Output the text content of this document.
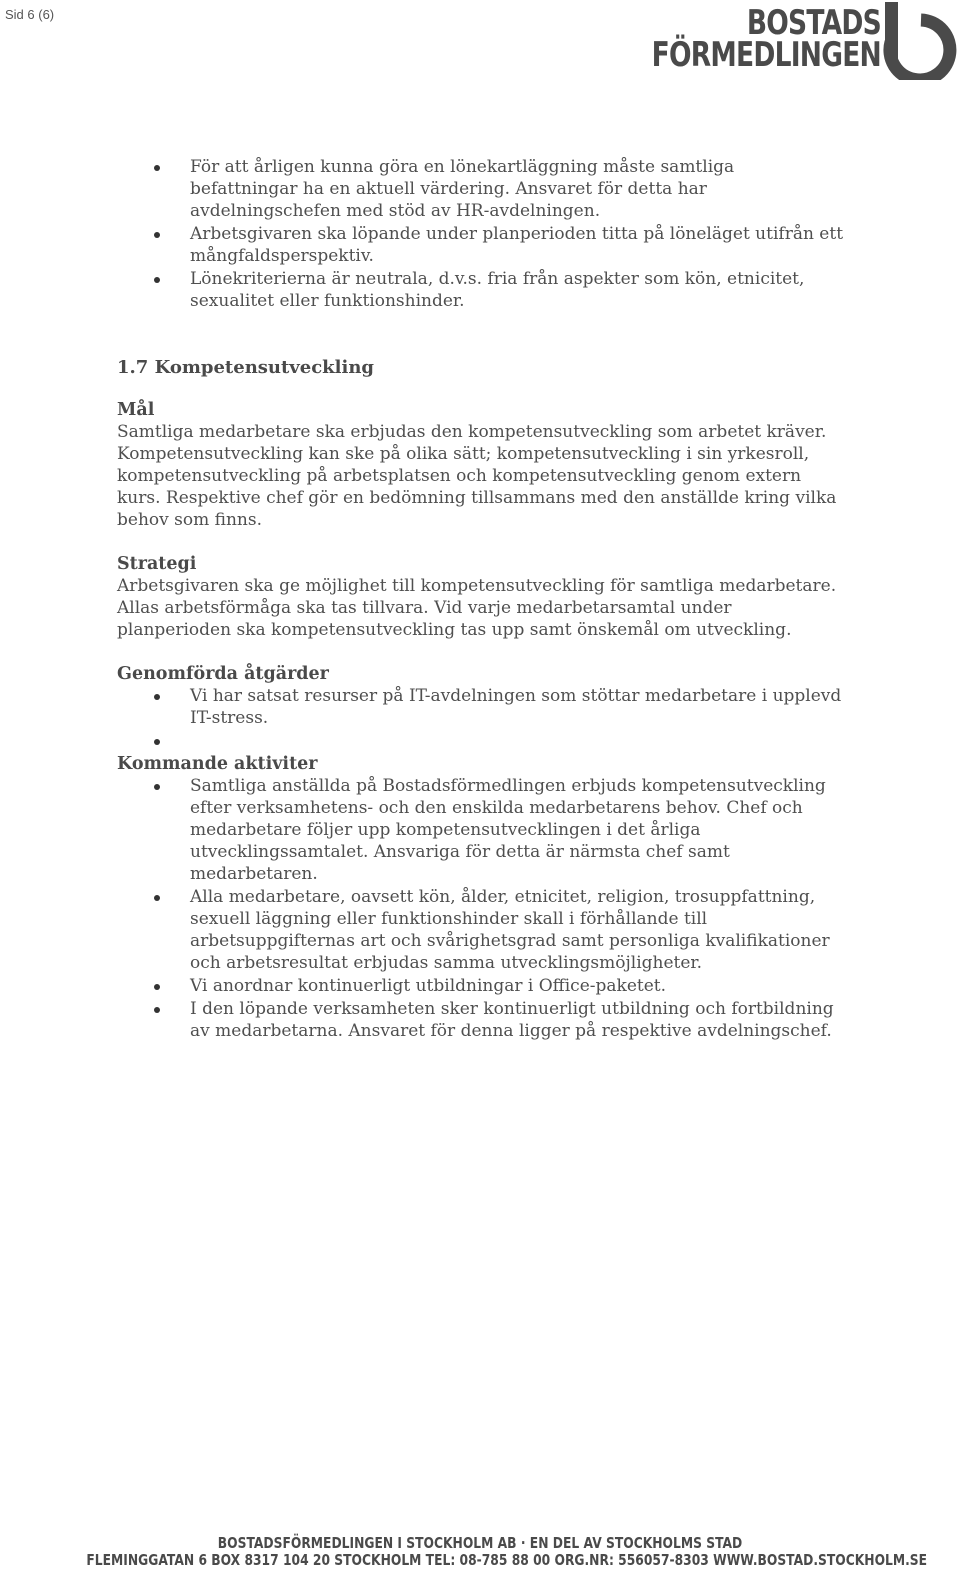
Sid 6 (6)	BOSTADS
FÖRMEDLINGEN
För att årligen kunna göra en lönekartläggning måste samtliga befattningar ha en aktuell värdering. Ansvaret för detta har avdelningschefen med stöd av HR-avdelningen.
Arbetsgivaren ska löpande under planperioden titta på löneläget utifrån ett mångfaldsperspektiv.
Lönekriterierna är neutrala, d.v.s. fria från aspekter som kön, etnicitet, sexualitet eller funktionshinder.
1.7 Kompetensutveckling
Mål

Samtliga medarbetare ska erbjudas den kompetensutveckling som arbetet kräver. Kompetensutveckling kan ske på olika sätt; kompetensutveckling i sin yrkesroll, kompetensutveckling på arbetsplatsen och kompetensutveckling genom extern kurs. Respektive chef gör en bedömning tillsammans med den anställde kring vilka behov som finns.

Strategi

Arbetsgivaren ska ge möjlighet till kompetensutveckling för samtliga medarbetare. Allas arbetsförmåga ska tas tillvara. Vid varje medarbetarsamtal under planperioden ska kompetensutveckling tas upp samt önskemål om utveckling.

Genomförda åtgärder
Vi har satsat resurser på IT-avdelningen som stöttar medarbetare i upplevd IT-stress.
Kommande aktiviter
Samtliga anställda på Bostadsförmedlingen erbjuds kompetensutveckling efter verksamhetens- och den enskilda medarbetarens behov. Chef och medarbetare följer upp kompetensutvecklingen i det årliga utvecklingssamtalet. Ansvariga för detta är närmsta chef samt medarbetaren.
Alla medarbetare, oavsett kön, ålder, etnicitet, religion, trosuppfattning, sexuell läggning eller funktionshinder skall i förhållande till arbetsuppgifternas art och svårighetsgrad samt personliga kvalifikationer och arbetsresultat erbjudas samma utvecklingsmöjligheter.
Vi anordnar kontinuerligt utbildningar i Office-paketet.
I den löpande verksamheten sker kontinuerligt utbildning och fortbildning av medarbetarna. Ansvaret för denna ligger på respektive avdelningschef.
BOSTADSFÖRMEDLINGEN I STOCKHOLM AB · EN DEL AV STOCKHOLMS STAD
FLEMINGGATAN 6 BOX 8317 104 20 STOCKHOLM TEL: 08-785 88 00 ORG.NR: 556057-8303 WWW.BOSTAD.STOCKHOLM.SE
